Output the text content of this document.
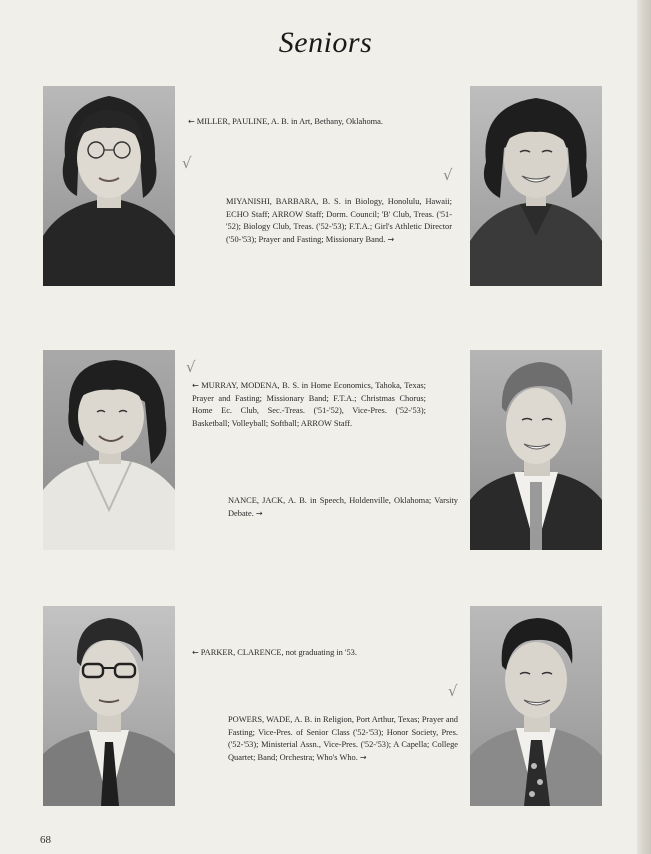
Seniors
← MILLER, PAULINE, A. B. in Art, Bethany, Oklahoma.
MIYANISHI, BARBARA, B. S. in Biology, Honolulu, Hawaii; ECHO Staff; ARROW Staff; Dorm. Council; 'B' Club, Treas. ('51-'52); Biology Club, Treas. ('52-'53); F.T.A.; Girl's Athletic Director ('50-'53); Prayer and Fasting; Missionary Band. →
← MURRAY, MODENA, B. S. in Home Economics, Tahoka, Texas; Prayer and Fasting; Missionary Band; F.T.A.; Christmas Chorus; Home Ec. Club, Sec.-Treas. ('51-'52), Vice-Pres. ('52-'53); Basketball; Volleyball; Softball; ARROW Staff.
NANCE, JACK, A. B. in Speech, Holdenville, Oklahoma; Varsity Debate. →
← PARKER, CLARENCE, not graduating in '53.
POWERS, WADE, A. B. in Religion, Port Arthur, Texas; Prayer and Fasting; Vice-Pres. of Senior Class ('52-'53); Honor Society, Pres. ('52-'53); Ministerial Assn., Vice-Pres. ('52-'53); A Capella; College Quartet; Band; Orchestra; Who's Who. →
√
√
√
√
68
